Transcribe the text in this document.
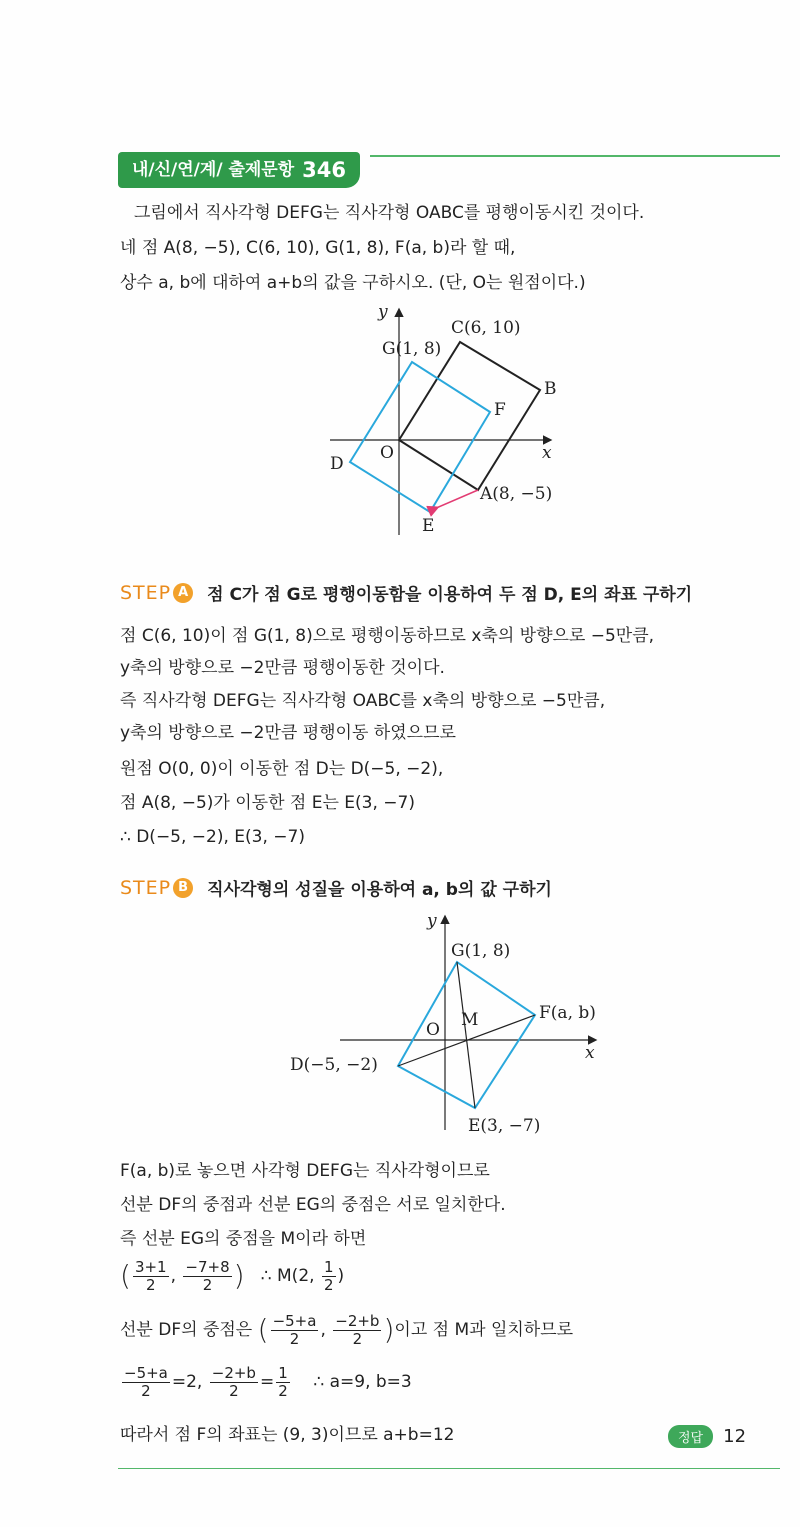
내/신/연/계/ 출제문항 346
그림에서 직사각형 DEFG는 직사각형 OABC를 평행이동시킨 것이다.
네 점 A(8, −5), C(6, 10), G(1, 8), F(a, b)라 할 때,
상수 a, b에 대하여 a+b의 값을 구하시오. (단, O는 원점이다.)
y
x
C(6, 10)
G(1, 8)
B
F
O
D
A(8, −5)
E
STEP A 점 C가 점 G로 평행이동함을 이용하여 두 점 D, E의 좌표 구하기
점 C(6, 10)이 점 G(1, 8)으로 평행이동하므로 x축의 방향으로 −5만큼,
y축의 방향으로 −2만큼 평행이동한 것이다.
즉 직사각형 DEFG는 직사각형 OABC를 x축의 방향으로 −5만큼,
y축의 방향으로 −2만큼 평행이동 하였으므로
원점 O(0, 0)이 이동한 점 D는 D(−5, −2),
점 A(8, −5)가 이동한 점 E는 E(3, −7)
∴ D(−5, −2), E(3, −7)
STEP B 직사각형의 성질을 이용하여 a, b의 값 구하기
y
x
G(1, 8)
F(a, b)
M
O
D(−5, −2)
E(3, −7)
F(a, b)로 놓으면 사각형 DEFG는 직사각형이므로
선분 DF의 중점과 선분 EG의 중점은 서로 일치한다.
즉 선분 EG의 중점을 M이라 하면
( $\frac{3+1}{2}$ , $\frac{-7+8}{2}$ ) ∴ M(2, $\frac{1}{2}$ )
선분 DF의 중점은 ( $\frac{-5+a}{2}$ , $\frac{-2+b}{2}$ )이고 점 M과 일치하므로
$\frac{-5+a}{2} =2$, $\frac{-2+b}{2} = \frac{1}{2}$ ∴ a=9, b=3
따라서 점 F의 좌표는 (9, 3)이므로 a+b=12	정답	12
